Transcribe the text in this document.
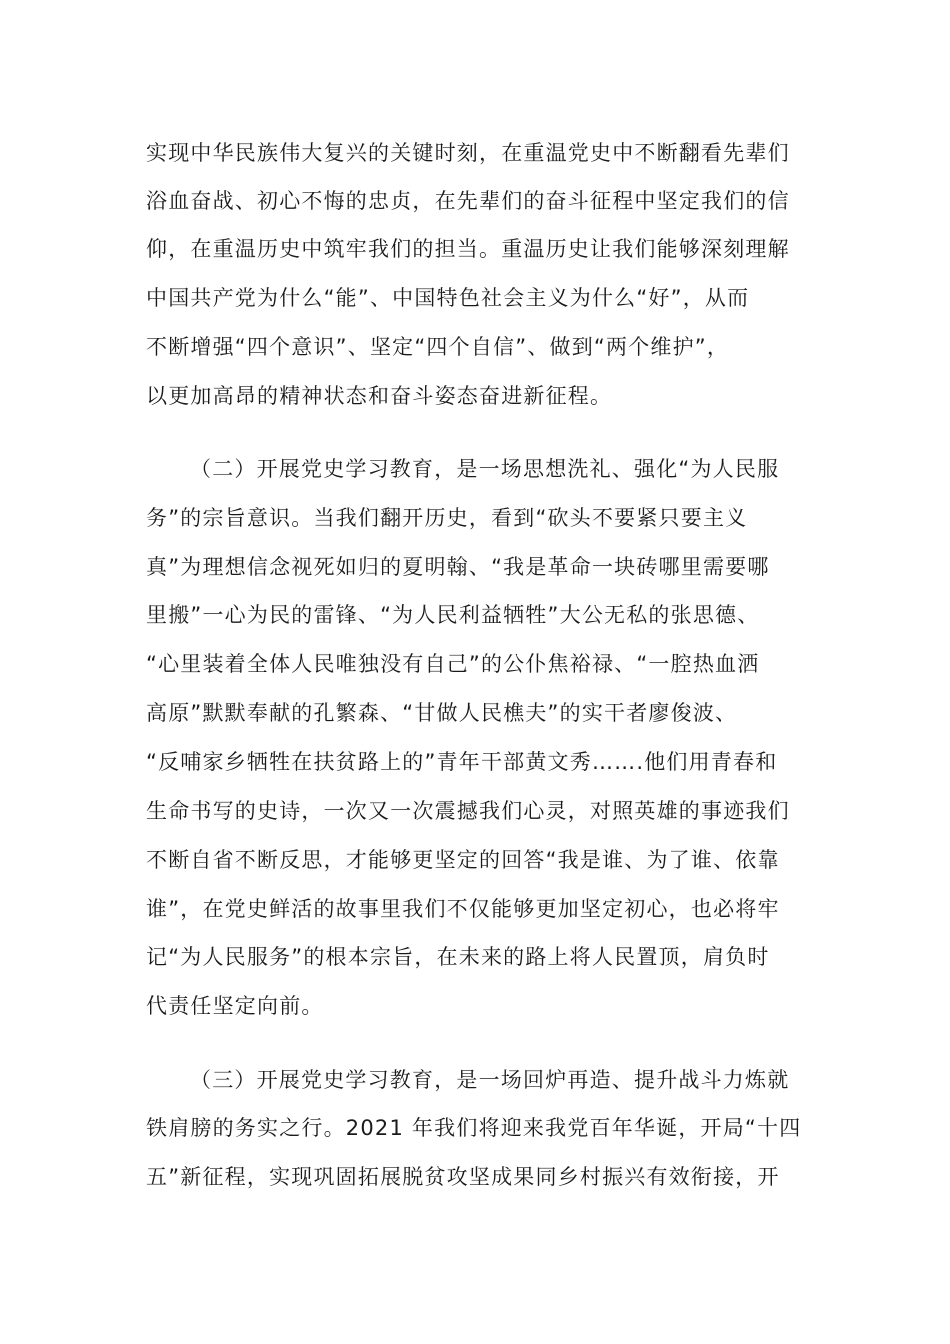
实现中华民族伟大复兴的关键时刻，在重温党史中不断翻看先辈们
浴血奋战、初心不悔的忠贞，在先辈们的奋斗征程中坚定我们的信
仰，在重温历史中筑牢我们的担当。重温历史让我们能够深刻理解
中国共产党为什么“能”、中国特色社会主义为什么“好”，从而
不断增强“四个意识”、坚定“四个自信”、做到“两个维护”，
以更加高昂的精神状态和奋斗姿态奋进新征程。
（二）开展党史学习教育，是一场思想洗礼、强化“为人民服
务”的宗旨意识。当我们翻开历史，看到“砍头不要紧只要主义
真”为理想信念视死如归的夏明翰、“我是革命一块砖哪里需要哪
里搬”一心为民的雷锋、“为人民利益牺牲”大公无私的张思德、
“心里装着全体人民唯独没有自己”的公仆焦裕禄、“一腔热血洒
高原”默默奉献的孔繁森、“甘做人民樵夫”的实干者廖俊波、
“反哺家乡牺牲在扶贫路上的”青年干部黄文秀…….他们用青春和
生命书写的史诗，一次又一次震撼我们心灵，对照英雄的事迹我们
不断自省不断反思，才能够更坚定的回答“我是谁、为了谁、依靠
谁”，在党史鲜活的故事里我们不仅能够更加坚定初心，也必将牢
记“为人民服务”的根本宗旨，在未来的路上将人民置顶，肩负时
代责任坚定向前。
（三）开展党史学习教育，是一场回炉再造、提升战斗力炼就
铁肩膀的务实之行。2021 年我们将迎来我党百年华诞，开局“十四
五”新征程，实现巩固拓展脱贫攻坚成果同乡村振兴有效衔接，开
